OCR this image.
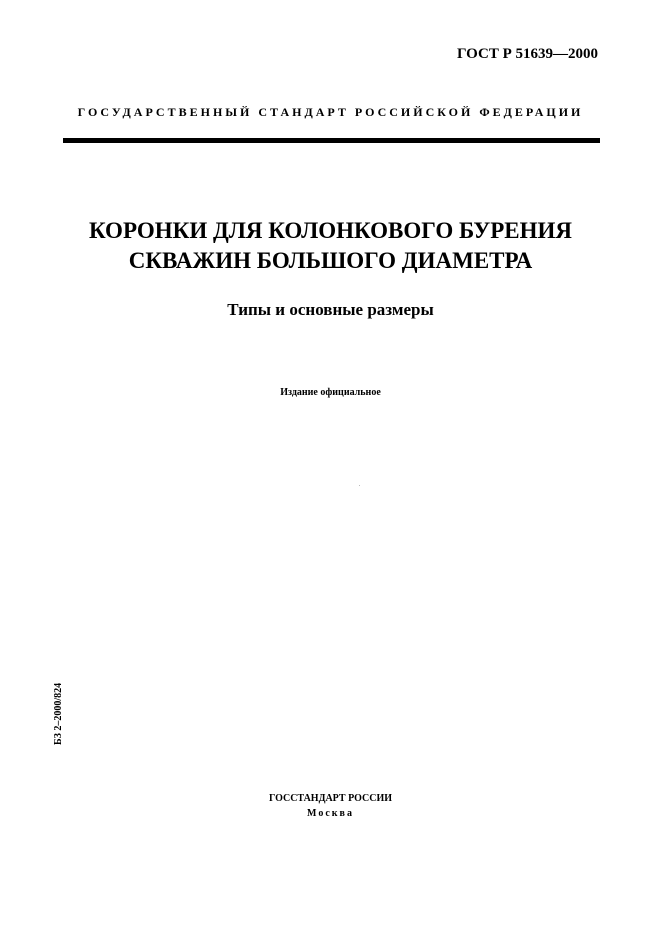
ГОСТ Р 51639—2000
ГОСУДАРСТВЕННЫЙ СТАНДАРТ РОССИЙСКОЙ ФЕДЕРАЦИИ
КОРОНКИ ДЛЯ КОЛОНКОВОГО БУРЕНИЯ
СКВАЖИН БОЛЬШОГО ДИАМЕТРА
Типы и основные размеры
Издание официальное
БЗ 2–2000/824
ГОССТАНДАРТ РОССИИ
Москва
